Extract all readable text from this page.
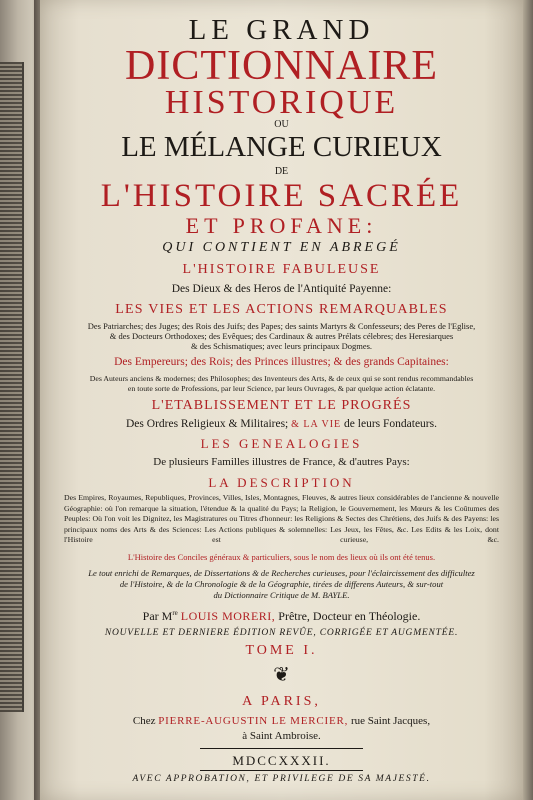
LE GRAND
DICTIONNAIRE
HISTORIQUE
OU
LE MÉLANGE CURIEUX
DE
L'HISTOIRE SACRÉE
ET PROFANE:
QUI CONTIENT EN ABREGÉ
L'HISTOIRE FABULEUSE
Des Dieux & des Heros de l'Antiquité Payenne:
LES VIES ET LES ACTIONS REMARQUABLES
Des Patriarches; des Juges; des Rois des Juifs; des Papes; des saints Martyrs & Confesseurs; des Peres de l'Eglise,
& des Docteurs Orthodoxes; des Evêques; des Cardinaux & autres Prélats célebres; des Heresiarques
& des Schismatiques; avec leurs principaux Dogmes.
Des Empereurs; des Rois; des Princes illustres; & des grands Capitaines:
Des Auteurs anciens & modernes; des Philosophes; des Inventeurs des Arts, & de ceux qui se sont rendus recommandables
en toute sorte de Professions, par leur Science, par leurs Ouvrages, & par quelque action éclatante.
L'ETABLISSEMENT ET LE PROGRÉS
Des Ordres Religieux & Militaires; & LA VIE de leurs Fondateurs.
LES GENEALOGIES
De plusieurs Familles illustres de France, & d'autres Pays:
LA DESCRIPTION
Des Empires, Royaumes, Republiques, Provinces, Villes, Isles, Montagnes, Fleuves, & autres lieux considérables de l'ancienne & nouvelle Géographie: où l'on remarque la situation, l'étendue & la qualité du Pays; la Religion, le Gouvernement, les Mœurs & les Coûtumes des Peuples: Où l'on voit les Dignitez, les Magistratures ou Titres d'honneur: les Religions & Sectes des Chrétiens, des Juifs & des Payens: les principaux noms des Arts & des Sciences: Les Actions publiques & solemnelles: Les Jeux, les Fêtes, &c. Les Edits & les Loix, dont l'Histoire est curieuse, &c.
L'Histoire des Conciles généraux & particuliers, sous le nom des lieux où ils ont été tenus.
Le tout enrichi de Remarques, de Dissertations & de Recherches curieuses, pour l'éclaircissement des difficultez
de l'Histoire, & de la Chronologie & de la Géographie, tirées de differens Auteurs, & sur-tout
du Dictionnaire Critique de M. BAYLE.
Par Mre LOUIS MORERI, Prêtre, Docteur en Théologie.
NOUVELLE ET DERNIERE ÉDITION REVÛE, CORRIGÉE ET AUGMENTÉE.
TOME I.
❦
A PARIS,
Chez PIERRE-AUGUSTIN LE MERCIER, rue Saint Jacques,
à Saint Ambroise.
MDCCXXXII.
AVEC APPROBATION, ET PRIVILEGE DE SA MAJESTÉ.
